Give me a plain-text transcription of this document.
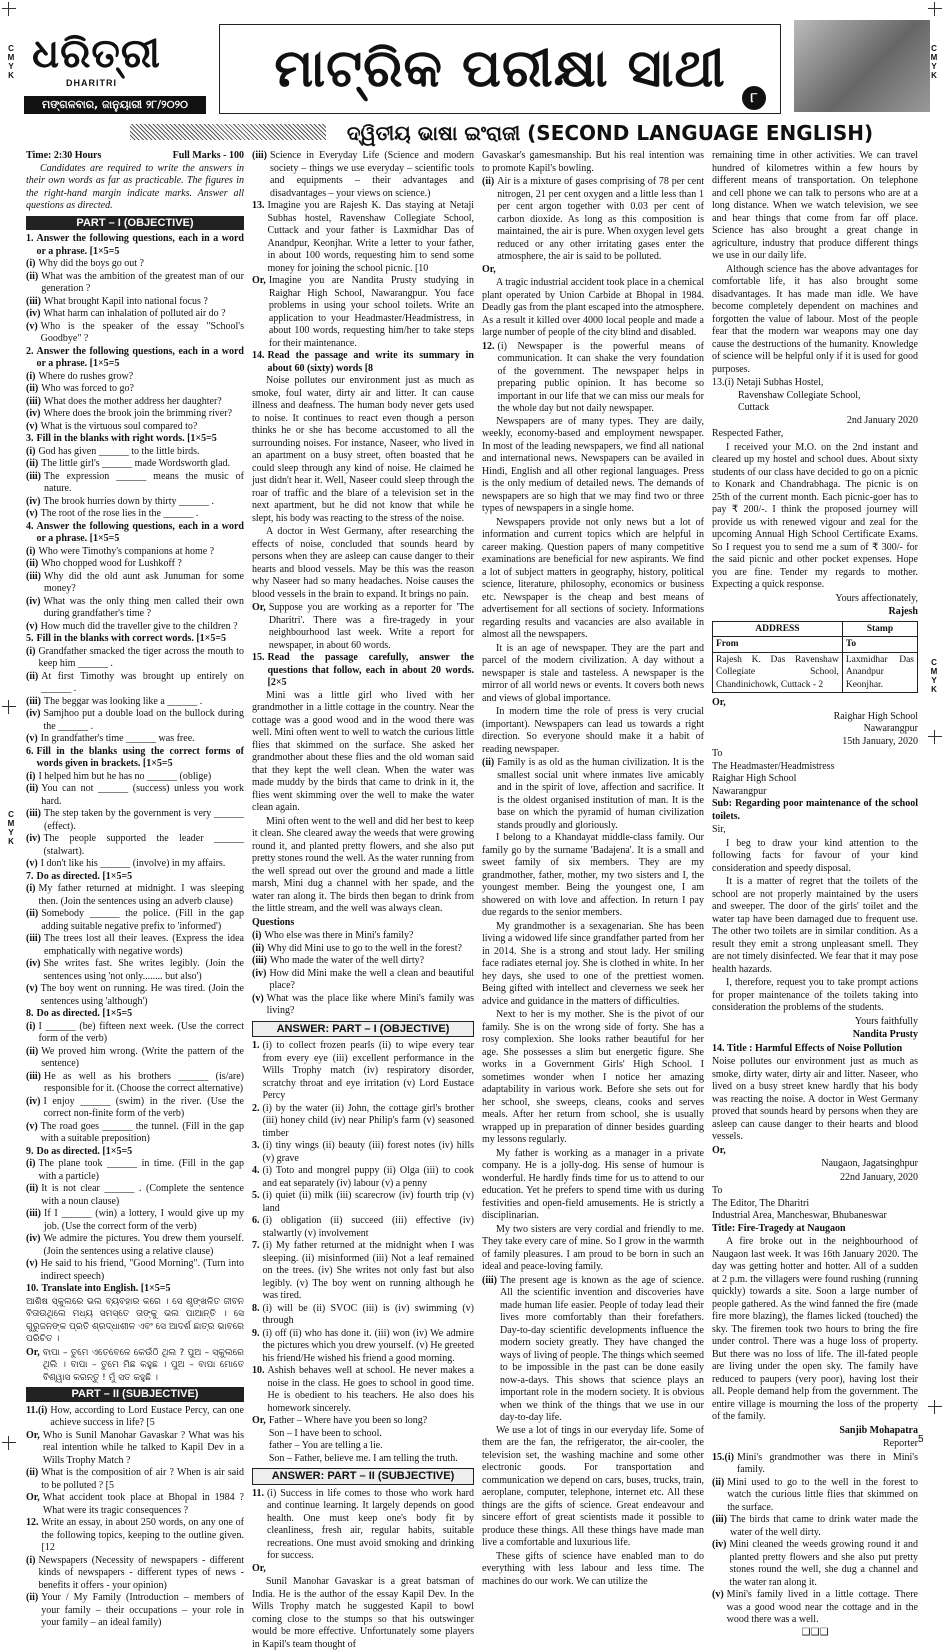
C
M
Y
K
C
M
Y
K
C
M
Y
K
C
M
Y
K
ଧରିତ୍ରୀ
DHARITRI
ମଙ୍ଗଳବାର, ଜାନୁୟାରୀ ୨୮/୨୦୨୦
ମାଟ୍ରିକ ପରୀକ୍ଷା ସାଥୀ	୮
ଦ୍ୱିତୀୟ ଭାଷା ଇଂରାଜୀ (SECOND LANGUAGE ENGLISH)
Time: 2:30 Hours	Full Marks - 100

Candidates are required to write the answers in their own words as far as practicable. The figures in the right-hand margin indicate marks. Answer all questions as directed.

PART – I (OBJECTIVE)
1. Answer the following questions, each in a word or a phrase. [1×5=5
(i) Why did the boys go out ?
(ii) What was the ambition of the greatest man of our generation ?
(iii) What brought Kapil into national focus ?
(iv) What harm can inhalation of polluted air do ?
(v) Who is the speaker of the essay "School's Goodbye" ?
2. Answer the following questions, each in a word or a phrase. [1×5=5
(i) Where do rushes grow?
(ii) Who was forced to go?
(iii) What does the mother address her daughter?
(iv) Where does the brook join the brimming river?
(v) What is the virtuous soul compared to?
3. Fill in the blanks with right words. [1×5=5
(i) God has given ______ to the little birds.
(ii) The little girl's ______ made Wordsworth glad.
(iii) The expression ______ means the music of nature.
(iv) The brook hurries down by thirty ______ .
(v) The root of the rose lies in the ______ .
4. Answer the following questions, each in a word or a phrase. [1×5=5
(i) Who were Timothy's companions at home ?
(ii) Who chopped wood for Lushkoff ?
(iii) Why did the old aunt ask Junuman for some money?
(iv) What was the only thing men called their own during grandfather's time ?
(v) How much did the traveller give to the children ?
5. Fill in the blanks with correct words. [1×5=5
(i) Grandfather smacked the tiger across the mouth to keep him ______ .
(ii) At first Timothy was brought up entirely on ______ .
(iii) The beggar was looking like a ______ .
(iv) Samjhoo put a double load on the bullock during the ______ .
(v) In grandfather's time ______ was free.
6. Fill in the blanks using the correct forms of words given in brackets. [1×5=5
(i) I helped him but he has no ______ (oblige)
(ii) You can not ______ (success) unless you work hard.
(iii) The step taken by the government is very ______ (effect).
(iv) The people supported the leader ______ (stalwart).
(v) I don't like his ______ (involve) in my affairs.
7. Do as directed. [1×5=5
(i) My father returned at midnight. I was sleeping then. (Join the sentences using an adverb clause)
(ii) Somebody ______ the police. (Fill in the gap adding suitable negative prefix to 'informed')
(iii) The trees lost all their leaves. (Express the idea emphatically with negative words)
(iv) She writes fast. She writes legibly. (Join the sentences using 'not only........ but also')
(v) The boy went on running. He was tired. (Join the sentences using 'although')
8. Do as directed. [1×5=5
(i) I ______ (be) fifteen next week. (Use the correct form of the verb)
(ii) We proved him wrong. (Write the pattern of the sentence)
(iii) He as well as his brothers ______ (is/are) responsible for it. (Choose the correct alternative)
(iv) I enjoy ______ (swim) in the river. (Use the correct non-finite form of the verb)
(v) The road goes ______ the tunnel. (Fill in the gap with a suitable preposition)
9. Do as directed. [1×5=5
(i) The plane took ______ in time. (Fill in the gap with a particle)
(ii) It is not clear ______ . (Complete the sentence with a noun clause)
(iii) If I ______ (win) a lottery, I would give up my job. (Use the correct form of the verb)
(iv) We admire the pictures. You drew them yourself. (Join the sentences using a relative clause)
(v) He said to his friend, "Good Morning". (Turn into indirect speech)
10. Translate into English. [1×5=5

ଆଶିଷ ସ୍କୁଲରେ ଭଲ ବ୍ୟବହାର କରେ । ସେ ଶୃଙ୍ଖଳିତ ଜୀବନ ବିତାଉଥିଲେ ମଧ୍ୟ ସମସ୍ତେ ତାଙ୍କୁ ଭଲ ପାଆନ୍ତି । ସେ ଗୁରୁଜନଙ୍କ ପ୍ରତି ଶ୍ରଦ୍ଧାଶୀଳ ଏବଂ ସେ ଆଦର୍ଶ ଛାତ୍ର ଭାବରେ ପରିଚିତ ।

Or, ବାପା – ତୁମେ ଏତେବେଳେ କେଉଁଠି ଥିଲ ? ପୁଅ – ସ୍କୁଲରେ ଥିଲି । ବାପା – ତୁମେ ମିଛ କହୁଛ । ପୁଅ – ବାପା ମୋତେ ବିଶ୍ୱାସ କରନ୍ତୁ ! ମୁଁ ସତ କହୁଛି ।
PART – II (SUBJECTIVE)
11.(i) How, according to Lord Eustace Percy, can one achieve success in life? [5
Or, Who is Sunil Manohar Gavaskar ? What was his real intention while he talked to Kapil Dev in a Wills Trophy Match ?
(ii) What is the composition of air ? When is air said to be polluted ? [5
Or, What accident took place at Bhopal in 1984 ? What were its tragic consequences ?
12. Write an essay, in about 250 words, on any one of the following topics, keeping to the outline given. [12
(i) Newspapers (Necessity of newspapers - different kinds of newspapers - different types of news - benefits it offers - your opinion)
(ii) Your / My Family (Introduction – members of your family – their occupations – your role in your family – an ideal family)
(iii) Science in Everyday Life (Science and modern society – things we use everyday – scientific tools and equipments – their advantages and disadvantages – your views on science.)
13. Imagine you are Rajesh K. Das staying at Netaji Subhas hostel, Ravenshaw Collegiate School, Cuttack and your father is Laxmidhar Das of Anandpur, Keonjhar. Write a letter to your father, in about 100 words, requesting him to send some money for joining the school picnic. [10
Or, Imagine you are Nandita Prusty studying in Raighar High School, Nawarangpur. You face problems in using your school toilets. Write an application to your Headmaster/Headmistress, in about 100 words, requesting him/her to take steps for their maintenance.
14. Read the passage and write its summary in about 60 (sixty) words [8

Noise pollutes our environment just as much as smoke, foul water, dirty air and litter. It can cause illness and deafness. The human body never gets used to noise. It continues to react even though a person thinks he or she has become accustomed to all the surrounding noises. For instance, Naseer, who lived in an apartment on a busy street, often boasted that he could sleep through any kind of noise. He claimed he just didn't hear it. Well, Naseer could sleep through the roar of traffic and the blare of a television set in the next apartment, but he did not know that while he slept, his body was reacting to the stress of the noise.

A doctor in West Germany, after researching the effects of noise, concluded that sounds heard by persons when they are asleep can cause danger to their hearts and blood vessels. May be this was the reason why Naseer had so many headaches. Noise causes the blood vessels in the brain to expand. It brings no pain.

Or, Suppose you are working as a reporter for 'The Dharitri'. There was a fire-tragedy in your neighbourhood last week. Write a report for newspaper, in about 60 words.
15. Read the passage carefully, answer the questions that follow, each in about 20 words. [2×5

Mini was a little girl who lived with her grandmother in a little cottage in the country. Near the cottage was a good wood and in the wood there was well. Mini often went to well to watch the curious little flies that skimmed on the surface. She asked her grandmother about these flies and the old woman said that they kept the well clean. When the water was made muddy by the birds that came to drink in it, the flies went skimming over the well to make the water clean again.

Mini often went to the well and did her best to keep it clean. She cleared away the weeds that were growing round it, and planted pretty flowers, and she also put pretty stones round the well. As the water running from the well spread out over the ground and made a little marsh, Mini dug a channel with her spade, and the water ran along it. The birds then began to drink from the little stream, and the well was always clean.

Questions

(i) Who else was there in Mini's family?
(ii) Why did Mini use to go to the well in the forest?
(iii) Who made the water of the well dirty?
(iv) How did Mini make the well a clean and beautiful place?
(v) What was the place like where Mini's family was living?
ANSWER: PART – I (OBJECTIVE)
1. (i) to collect frozen pearls (ii) to wipe every tear from every eye (iii) excellent performance in the Wills Trophy match (iv) respiratory disorder, scratchy throat and eye irritation (v) Lord Eustace Percy
2. (i) by the water (ii) John, the cottage girl's brother (iii) honey child (iv) near Philip's farm (v) seasoned timber
3. (i) tiny wings (ii) beauty (iii) forest notes (iv) hills (v) grave
4. (i) Toto and mongrel puppy (ii) Olga (iii) to cook and eat separately (iv) labour (v) a penny
5. (i) quiet (ii) milk (iii) scarecrow (iv) fourth trip (v) land
6. (i) obligation (ii) succeed (iii) effective (iv) stalwartly (v) involvement
7. (i) My father returned at the midnight when I was sleeping. (ii) misinformed (iii) Not a leaf remained on the trees. (iv) She writes not only fast but also legibly. (v) The boy went on running although he was tired.
8. (i) will be (ii) SVOC (iii) is (iv) swimming (v) through
9. (i) off (ii) who has done it. (iii) won (iv) We admire the pictures which you drew yourself. (v) He greeted his friend/He wished his friend a good morning.
10. Ashish behaves well at school. He never makes a noise in the class. He goes to school in good time. He is obedient to his teachers. He also does his homework sincerely.
Or, Father – Where have you been so long?
Son – I have been to school.
father – You are telling a lie.
Son – Father, believe me. I am telling the truth.
ANSWER: PART – II (SUBJECTIVE)
11. (i) Success in life comes to those who work hard and continue learning. It largely depends on good health. One must keep one's body fit by cleanliness, fresh air, regular habits, suitable recreations. One must avoid smoking and drinking for success.

Or,

Sunil Manohar Gavaskar is a great batsman of India. He is the author of the essay Kapil Dev. In the Wills Trophy match he suggested Kapil to bowl coming close to the stumps so that his outswinger would be more effective. Unfortunately some players in Kapil's team thought of

Gavaskar's gamesmanship. But his real intention was to promote Kapil's bowling.

(ii) Air is a mixture of gases comprising of 78 per cent nitrogen, 21 per cent oxygen and a little less than 1 per cent argon together with 0.03 per cent of carbon dioxide. As long as this composition is maintained, the air is pure. When oxygen level gets reduced or any other irritating gases enter the atmosphere, the air is said to be polluted.

Or,

A tragic industrial accident took place in a chemical plant operated by Union Carbide at Bhopal in 1984. Deadly gas from the plant escaped into the atmosphere. As a result it killed over 4000 local people and made a large number of people of the city blind and disabled.

12. (i) Newspaper is the powerful means of communication. It can shake the very foundation of the government. The newspaper helps in preparing public opinion. It has become so important in our life that we can miss our meals for the whole day but not daily newspaper.

Newspapers are of many types. They are daily, weekly, economy-based and employment newspaper. In most of the leading newspapers, we find all national and international news. Newspapers can be availed in Hindi, English and all other regional languages. Press is the only medium of detailed news. The demands of newspapers are so high that we may find two or three types of newspapers in a single home.

Newspapers provide not only news but a lot of information and current topics which are helpful in career making. Question papers of many competitive examinations are beneficial for new aspirants. We find a lot of subject matters in geography, history, political science, literature, philosophy, economics or business etc. Newspaper is the cheap and best means of advertisement for all sections of society. Informations regarding results and vacancies are also available in almost all the newspapers.

It is an age of newspaper. They are the part and parcel of the modern civilization. A day without a newspaper is stale and tasteless. A newspaper is the mirror of all world news or events. It covers both news and views of global importance.

In modern time the role of press is very crucial (important). Newspapers can lead us towards a right direction. So everyone should make it a habit of reading newspaper.

(ii) Family is as old as the human civilization. It is the smallest social unit where inmates live amicably and in the spirit of love, affection and sacrifice. It is the oldest organised institution of man. It is the base on which the pyramid of human civilization stands proudly and gloriously.

I belong to a Khandayat middle-class family. Our family go by the surname 'Badajena'. It is a small and sweet family of six members. They are my grandmother, father, mother, my two sisters and I, the youngest member. Being the youngest one, I am showered on with love and affection. In return I pay due regards to the senior members.

My grandmother is a sexagenarian. She has been living a widowed life since grandfather parted from her in 2014. She is a strong and stout lady. Her smiling face radiates eternal joy. She is clothed in white. In her hey days, she used to one of the prettiest women. Being gifted with intellect and cleverness we seek her advice and guidance in the matters of difficulties.

Next to her is my mother. She is the pivot of our family. She is on the wrong side of forty. She has a rosy complexion. She looks rather beautiful for her age. She possesses a slim but energetic figure. She works in a Government Girls' High School. I sometimes wonder when I notice her amazing adaptability in various work. Before she sets out for her school, she sweeps, cleans, cooks and serves meals. After her return from school, she is usually wrapped up in preparation of dinner besides guarding my lessons regularly.

My father is working as a manager in a private company. He is a jolly-dog. His sense of humour is wonderful. He hardly finds time for us to attend to our education. Yet he prefers to spend time with us during festivities and open-field amusements. He is strictly a disciplinarian.

My two sisters are very cordial and friendly to me. They take every care of mine. So I grow in the warmth of family pleasures. I am proud to be born in such an ideal and peace-loving family.

(iii) The present age is known as the age of science. All the scientific invention and discoveries have made human life easier. People of today lead their lives more comfortably than their forefathers. Day-to-day scientific developments influence the modern society greatly. They have changed the ways of living of people. The things which seemed to be impossible in the past can be done easily now-a-days. This shows that science plays an important role in the modern society. It is obvious when we think of the things that we use in our day-to-day life.

We use a lot of tings in our everyday life. Some of them are the fan, the refrigerator, the air-cooler, the television set, the washing machine and some other electronic goods. For transportation and communication we depend on cars, buses, trucks, train, aeroplane, computer, telephone, internet etc. All these things are the gifts of science. Great endeavour and sincere effort of great scientists made it possible to produce these things. All these things have made man live a comfortable and luxurious life.

These gifts of science have enabled man to do everything with less labour and less time. The machines do our work. We can utilize the

remaining time in other activities. We can travel hundred of kilometres within a few hours by different means of transportation. On telephone and cell phone we can talk to persons who are at a long distance. When we watch television, we see and hear things that come from far off place. Science has also brought a great change in agriculture, industry that produce different things we use in our daily life.

Although science has the above advantages for comfortable life, it has also brought some disadvantages. It has made man idle. We have become completely dependent on machines and forgotten the value of labour. Most of the people fear that the modern war weapons may one day cause the destructions of the humanity. Knowledge of science will be helpful only if it is used for good purposes.

13.(i) Netaji Subhas Hostel,
Ravenshaw Collegiate School,
Cuttack

2nd January 2020

Respected Father,

I received your M.O. on the 2nd instant and cleared up my hostel and school dues. About sixty students of our class have decided to go on a picnic to Konark and Chandrabhaga. The picnic is on 25th of the current month. Each picnic-goer has to pay ₹ 200/-. I think the proposed journey will provide us with renewed vigour and zeal for the upcoming Annual High School Certificate Exams. So I request you to send me a sum of ₹ 300/- for the said picnic and other pocket expenses. Hope you are fine. Tender my regards to mother. Expecting a quick response.

Yours affectionately,

Rajesh

ADDRESS	Stamp
From	To
Rajesh K. Das Ravenshaw Collegiate School, Chandinichowk, Cuttack - 2	Laxmidhar Das Anandpur Keonjhar.

Or,

Raighar High School
Nawarangpur
15th January, 2020
To
The Headmaster/Headmistress
Raighar High School
Nawarangpur

Sub: Regarding poor maintenance of the school toilets.

Sir,

I beg to draw your kind attention to the following facts for favour of your kind consideration and speedy disposal.

It is a matter of regret that the toilets of the school are not properly maintained by the users and sweeper. The door of the girls' toilet and the water tap have been damaged due to frequent use. The other two toilets are in similar condition. As a result they emit a strong unpleasant smell. They are not timely disinfected. We fear that it may pose health hazards.

I, therefore, request you to take prompt actions for proper maintenance of the toilets taking into consideration the problems of the students.

Yours faithfully

Nandita Prusty

14. Title : Harmful Effects of Noise Pollution

Noise pollutes our environment just as much as smoke, dirty water, dirty air and litter. Naseer, who lived on a busy street knew hardly that his body was reacting the noise. A doctor in West Germany proved that sounds heard by persons when they are asleep can cause danger to their hearts and blood vessels.

Or,

Naugaon, Jagatsinghpur

22nd January, 2020

To
The Editor, The Dharitri
Industrial Area, Mancheswar, Bhubaneswar

Title: Fire-Tragedy at Naugaon

A fire broke out in the neighbourhood of Naugaon last week. It was 16th January 2020. The day was getting hotter and hotter. All of a sudden at 2 p.m. the villagers were found rushing (running quickly) towards a site. Soon a large number of people gathered. As the wind fanned the fire (made fire more blazing), the flames licked (touched) the sky. The firemen took two hours to bring the fire under control. There was a huge loss of property. But there was no loss of life. The ill-fated people are living under the open sky. The family have reduced to paupers (very poor), having lost their all. People demand help from the government. The entire village is mourning the loss of the property of the family.

Sanjib Mohapatra

Reporter

15.(i) Mini's grandmother was there in Mini's family.
(ii) Mini used to go to the well in the forest to watch the curious little flies that skimmed on the surface.
(iii) The birds that came to drink water made the water of the well dirty.
(iv) Mini cleaned the weeds growing round it and planted pretty flowers and she also put pretty stones round the well, she dug a channel and the water ran along it.
(v) Mini's family lived in a little cottage. There was a good wood near the cottage and in the wood there was a well.

❑❑❑

5
